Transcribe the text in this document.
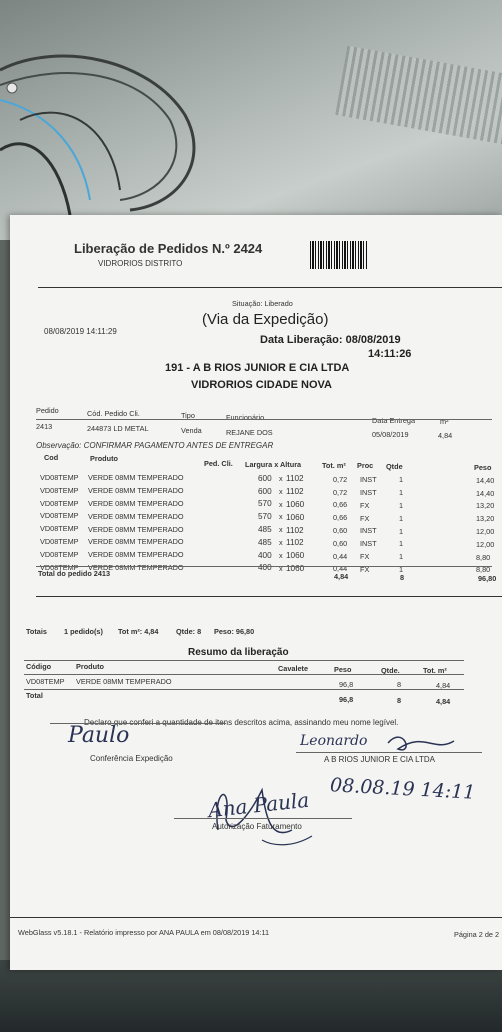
Liberação de Pedidos N.º 2424
VIDRORIOS DISTRITO
Situação: Liberado
08/08/2019 14:11:29
(Via da Expedição)
Data Liberação: 08/08/2019
14:11:26
191 - A B RIOS JUNIOR E CIA LTDA
VIDRORIOS CIDADE NOVA
Pedido	Cód. Pedido Cli.	Tipo	Funcionário	Data Entrega	m²
2413	244873 LD METAL	Venda	REJANE DOS	05/08/2019	4,84
Observação: CONFIRMAR PAGAMENTO ANTES DE ENTREGAR
Cod	Produto
Ped. Cli. Largura x Altura	Tot. m² Proc Qtde	Peso
VD08TEMP VERDE 08MM TEMPERADO	600 x 1102	0,72 INST	1	14,40
VD08TEMP VERDE 08MM TEMPERADO	600 x 1102	0,72 INST	1	14,40
VD08TEMP VERDE 08MM TEMPERADO	570 x 1060	0,66 FX	1	13,20
VD08TEMP VERDE 08MM TEMPERADO	570 x 1060	0,66 FX	1	13,20
VD08TEMP VERDE 08MM TEMPERADO	485 x 1102	0,60 INST	1	12,00
VD08TEMP VERDE 08MM TEMPERADO	485 x 1102	0,60 INST	1	12,00
VD08TEMP VERDE 08MM TEMPERADO	400 x 1060	0,44 FX	1	8,80
VD08TEMP VERDE 08MM TEMPERADO	400 x 1060	0,44 FX	1	8,80
Total do pedido 2413	4,84	8	96,80
Totais 1 pedido(s) Tot m²: 4,84 Qtde: 8 Peso: 96,80
Resumo da liberação
Código	Produto	Cavalete	Peso	Qtde.	Tot. m²
VD08TEMP VERDE 08MM TEMPERADO	96,8	8	4,84
Total	96,8	8	4,84
Declaro que conferi a quantidade de itens descritos acima, assinando meu nome legível.
Paulo
Conferência Expedição
Leonardo
A B RIOS JUNIOR E CIA LTDA
08.08.19 14:11
Ana Paula
Autorização Faturamento
WebGlass v5.18.1 - Relatório impresso por ANA PAULA em 08/08/2019 14:11	Página 2 de 2
